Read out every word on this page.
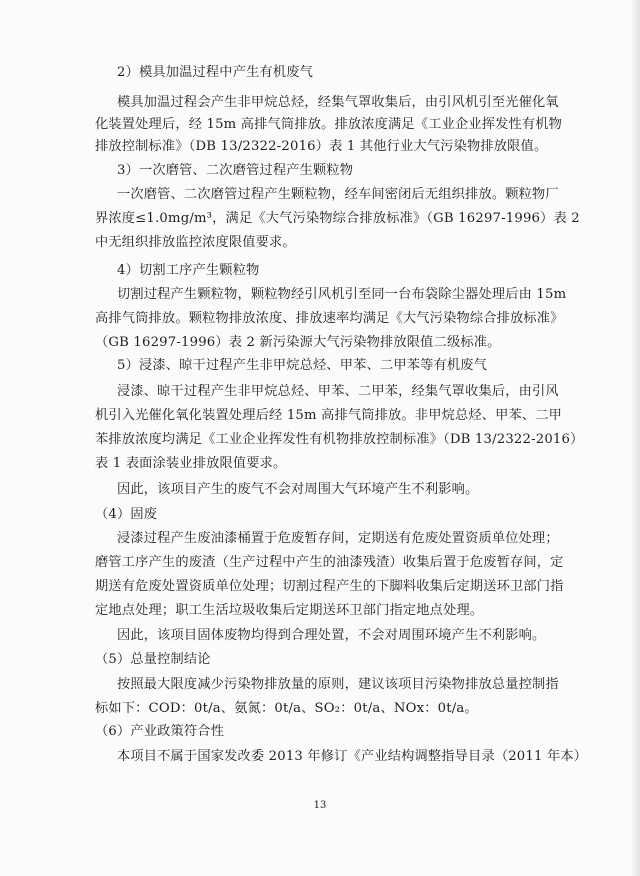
2）模具加温过程中产生有机废气
模具加温过程会产生非甲烷总烃，经集气罩收集后，由引风机引至光催化氧
化装置处理后，经 15m 高排气筒排放。排放浓度满足《工业企业挥发性有机物
排放控制标准》（DB 13/2322-2016）表 1 其他行业大气污染物排放限值。
3）一次磨管、二次磨管过程产生颗粒物
一次磨管、二次磨管过程产生颗粒物，经车间密闭后无组织排放。颗粒物厂
界浓度≤1.0mg/m³，满足《大气污染物综合排放标准》（GB 16297-1996）表 2
中无组织排放监控浓度限值要求。
4）切割工序产生颗粒物
切割过程产生颗粒物，颗粒物经引风机引至同一台布袋除尘器处理后由 15m
高排气筒排放。颗粒物排放浓度、排放速率均满足《大气污染物综合排放标准》
（GB 16297-1996）表 2 新污染源大气污染物排放限值二级标准。
5）浸漆、晾干过程产生非甲烷总烃、甲苯、二甲苯等有机废气
浸漆、晾干过程产生非甲烷总烃、甲苯、二甲苯，经集气罩收集后，由引风
机引入光催化氧化装置处理后经 15m 高排气筒排放。非甲烷总烃、甲苯、二甲
苯排放浓度均满足《工业企业挥发性有机物排放控制标准》（DB 13/2322-2016）
表 1 表面涂装业排放限值要求。
因此，该项目产生的废气不会对周围大气环境产生不利影响。
（4）固废
浸漆过程产生废油漆桶置于危废暂存间，定期送有危废处置资质单位处理；
磨管工序产生的废渣（生产过程中产生的油漆残渣）收集后置于危废暂存间，定
期送有危废处置资质单位处理；切割过程产生的下脚料收集后定期送环卫部门指
定地点处理；职工生活垃圾收集后定期送环卫部门指定地点处理。
因此，该项目固体废物均得到合理处置，不会对周围环境产生不利影响。
（5）总量控制结论
按照最大限度减少污染物排放量的原则，建议该项目污染物排放总量控制指
标如下：COD：0t/a、氨氮：0t/a、SO₂：0t/a、NOx：0t/a。
（6）产业政策符合性
本项目不属于国家发改委 2013 年修订《产业结构调整指导目录（2011 年本）
13
